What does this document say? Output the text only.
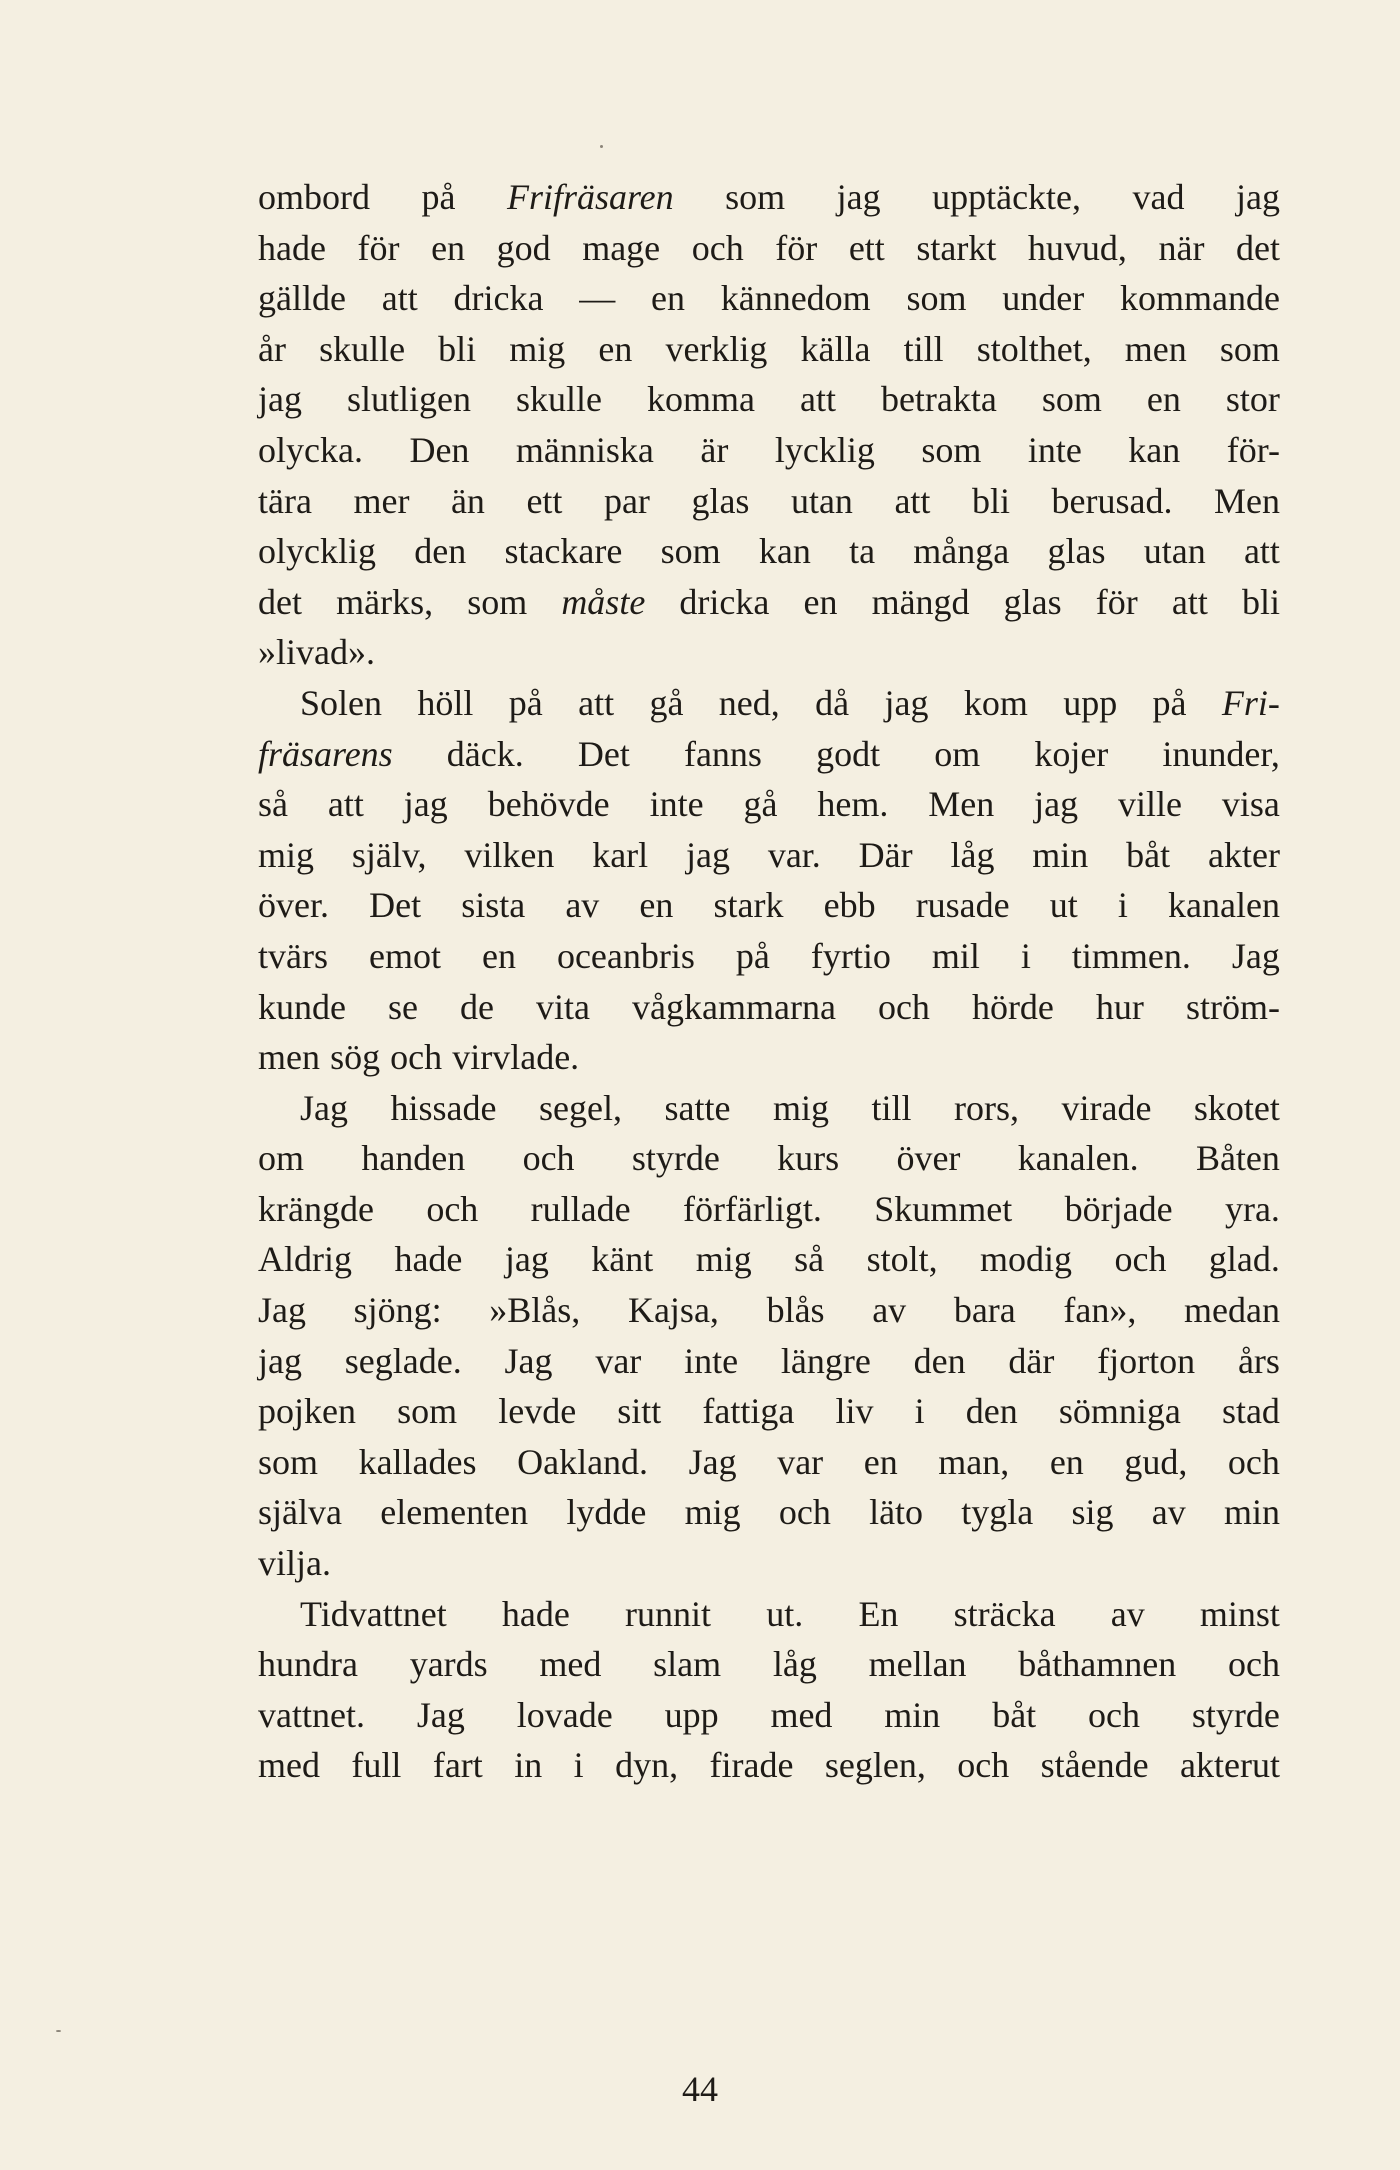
ombord på Frifräsaren som jag upptäckte, vad jag
hade för en god mage och för ett starkt huvud, när det
gällde att dricka — en kännedom som under kommande
år skulle bli mig en verklig källa till stolthet, men som
jag slutligen skulle komma att betrakta som en stor
olycka. Den människa är lycklig som inte kan för-
tära mer än ett par glas utan att bli berusad. Men
olycklig den stackare som kan ta många glas utan att
det märks, som måste dricka en mängd glas för att bli
»livad».
Solen höll på att gå ned, då jag kom upp på Fri-
fräsarens däck. Det fanns godt om kojer inunder,
så att jag behövde inte gå hem. Men jag ville visa
mig själv, vilken karl jag var. Där låg min båt akter
över. Det sista av en stark ebb rusade ut i kanalen
tvärs emot en oceanbris på fyrtio mil i timmen. Jag
kunde se de vita vågkammarna och hörde hur ström-
men sög och virvlade.
Jag hissade segel, satte mig till rors, virade skotet
om handen och styrde kurs över kanalen. Båten
krängde och rullade förfärligt. Skummet började yra.
Aldrig hade jag känt mig så stolt, modig och glad.
Jag sjöng: »Blås, Kajsa, blås av bara fan», medan
jag seglade. Jag var inte längre den där fjorton års
pojken som levde sitt fattiga liv i den sömniga stad
som kallades Oakland. Jag var en man, en gud, och
själva elementen lydde mig och läto tygla sig av min
vilja.
Tidvattnet hade runnit ut. En sträcka av minst
hundra yards med slam låg mellan båthamnen och
vattnet. Jag lovade upp med min båt och styrde
med full fart in i dyn, firade seglen, och stående akterut
44
